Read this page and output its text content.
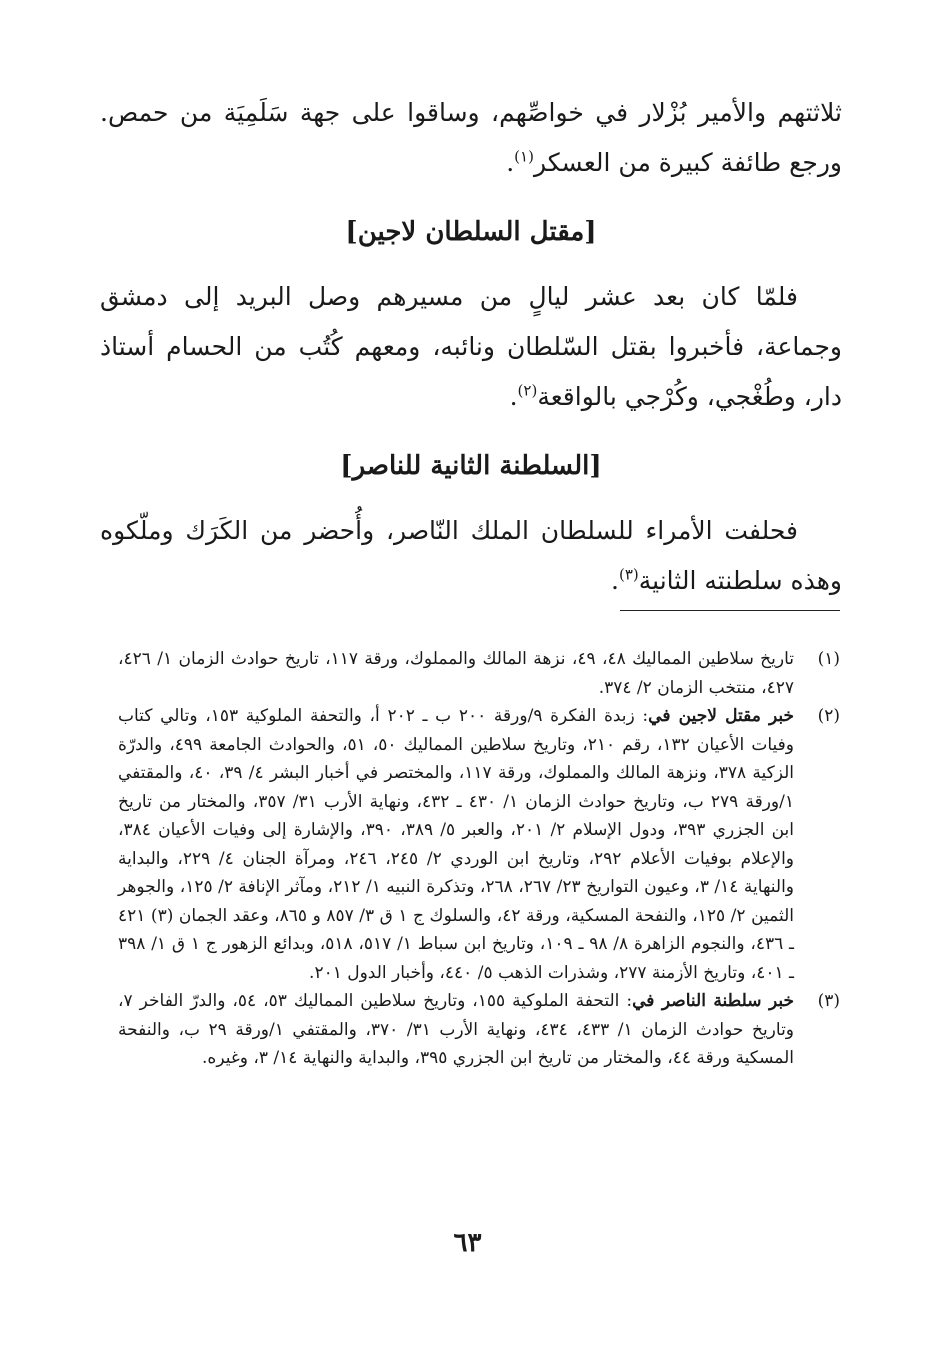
ثلاثتهم والأمير بُزْلار في خواصِّهم، وساقوا على جهة سَلَمِيَة من حمص. ورجع طائفة كبيرة من العسكر$^{(١)}$.

[مقتل السلطان لاجين]

فلمّا كان بعد عشر ليالٍ من مسيرهم وصل البريد إلى دمشق وجماعة، فأخبروا بقتل السّلطان ونائبه، ومعهم كُتُب من الحسام أستاذ دار، وطُغْجي، وكُرْجي بالواقعة$^{(٢)}$.

[السلطنة الثانية للناصر]

فحلفت الأمراء للسلطان الملك النّاصر، وأُحضر من الكَرَك وملّكوه وهذه سلطنته الثانية$^{(٣)}$.

(١)
تاريخ سلاطين المماليك ٤٨، ٤٩، نزهة المالك والمملوك، ورقة ١١٧، تاريخ حوادث الزمان ١/ ٤٢٦، ٤٢٧، منتخب الزمان ٢/ ٣٧٤.
(٢)
خبر مقتل لاجين في: زبدة الفكرة ٩/ورقة ٢٠٠ ب ـ ٢٠٢ أ، والتحفة الملوكية ١٥٣، وتالي كتاب وفيات الأعيان ١٣٢، رقم ٢١٠، وتاريخ سلاطين المماليك ٥٠، ٥١، والحوادث الجامعة ٤٩٩، والدرّة الزكية ٣٧٨، ونزهة المالك والمملوك، ورقة ١١٧، والمختصر في أخبار البشر ٤/ ٣٩، ٤٠، والمقتفي ١/ورقة ٢٧٩ ب، وتاريخ حوادث الزمان ١/ ٤٣٠ ـ ٤٣٢، ونهاية الأرب ٣١/ ٣٥٧، والمختار من تاريخ ابن الجزري ٣٩٣، ودول الإسلام ٢/ ٢٠١، والعبر ٥/ ٣٨٩، ٣٩٠، والإشارة إلى وفيات الأعيان ٣٨٤، والإعلام بوفيات الأعلام ٢٩٢، وتاريخ ابن الوردي ٢/ ٢٤٥، ٢٤٦، ومرآة الجنان ٤/ ٢٢٩، والبداية والنهاية ١٤/ ٣، وعيون التواريخ ٢٣/ ٢٦٧، ٢٦٨، وتذكرة النبيه ١/ ٢١٢، ومآثر الإنافة ٢/ ١٢٥، والجوهر الثمين ٢/ ١٢٥، والنفحة المسكية، ورقة ٤٢، والسلوك ج ١ ق ٣/ ٨٥٧ و ٨٦٥، وعقد الجمان (٣) ٤٢١ ـ ٤٣٦، والنجوم الزاهرة ٨/ ٩٨ ـ ١٠٩، وتاريخ ابن سباط ١/ ٥١٧، ٥١٨، وبدائع الزهور ج ١ ق ١/ ٣٩٨ ـ ٤٠١، وتاريخ الأزمنة ٢٧٧، وشذرات الذهب ٥/ ٤٤٠، وأخبار الدول ٢٠١.
(٣)
خبر سلطنة الناصر في: التحفة الملوكية ١٥٥، وتاريخ سلاطين المماليك ٥٣، ٥٤، والدرّ الفاخر ٧، وتاريخ حوادث الزمان ١/ ٤٣٣، ٤٣٤، ونهاية الأرب ٣١/ ٣٧٠، والمقتفي ١/ورقة ٢٩ ب، والنفحة المسكية ورقة ٤٤، والمختار من تاريخ ابن الجزري ٣٩٥، والبداية والنهاية ١٤/ ٣، وغيره.
٦٣
